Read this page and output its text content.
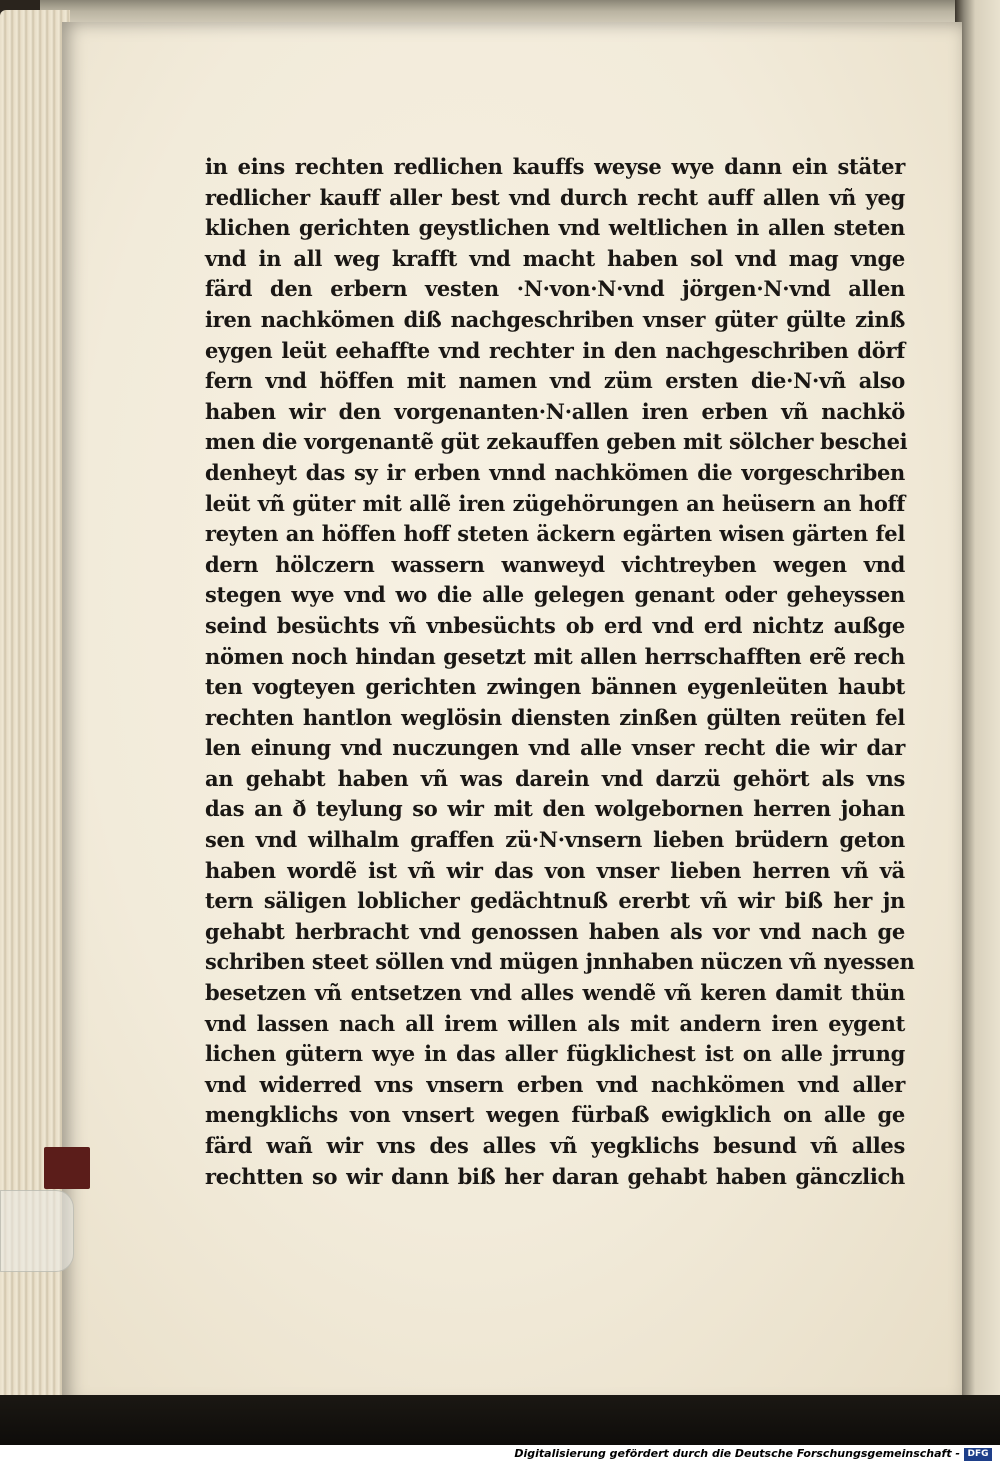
in eins rechten redlichen kauffs weyse wye dann ein stäter
redlicher kauff aller best vnd durch recht auff allen vñ yeg
klichen gerichten geystlichen vnd weltlichen in allen steten
vnd in all weg krafft vnd macht haben sol vnd mag vnge
färd den erbern vesten ·N·von·N·vnd jörgen·N·vnd allen
iren nachkömen diß nachgeschriben vnser güter gülte zinß
eygen leüt eehaffte vnd rechter in den nachgeschriben dörf
fern vnd höffen mit namen vnd züm ersten die·N·vñ also
haben wir den vorgenanten·N·allen iren erben vñ nachkö
men die vorgenantẽ güt zekauffen geben mit sölcher beschei
denheyt das sy ir erben vnnd nachkömen die vorgeschriben
leüt vñ güter mit allẽ iren zügehörungen an heüsern an hoff
reyten an höffen hoff steten äckern egärten wisen gärten fel
dern hölczern wassern wanweyd vichtreyben wegen vnd
stegen wye vnd wo die alle gelegen genant oder geheyssen
seind besüchts vñ vnbesüchts ob erd vnd erd nichtz außge
nömen noch hindan gesetzt mit allen herrschafften erẽ rech
ten vogteyen gerichten zwingen bännen eygenleüten haubt
rechten hantlon weglösin diensten zinßen gülten reüten fel
len einung vnd nuczungen vnd alle vnser recht die wir dar
an gehabt haben vñ was darein vnd darzü gehört als vns
das an ð teylung so wir mit den wolgebornen herren johan
sen vnd wilhalm graffen zü·N·vnsern lieben brüdern geton
haben wordẽ ist vñ wir das von vnser lieben herren vñ vä
tern säligen loblicher gedächtnuß ererbt vñ wir biß her jn
gehabt herbracht vnd genossen haben als vor vnd nach ge
schriben steet söllen vnd mügen jnnhaben nüczen vñ nyessen
besetzen vñ entsetzen vnd alles wendẽ vñ keren damit thün
vnd lassen nach all irem willen als mit andern iren eygent
lichen gütern wye in das aller fügklichest ist on alle jrrung
vnd widerred vns vnsern erben vnd nachkömen vnd aller
mengklichs von vnsert wegen fürbaß ewigklich on alle ge
färd wañ wir vns des alles vñ yegklichs besund vñ alles
rechtten so wir dann biß her daran gehabt haben gänczlich
Digitalisierung gefördert durch die Deutsche Forschungsgemeinschaft - DFG
